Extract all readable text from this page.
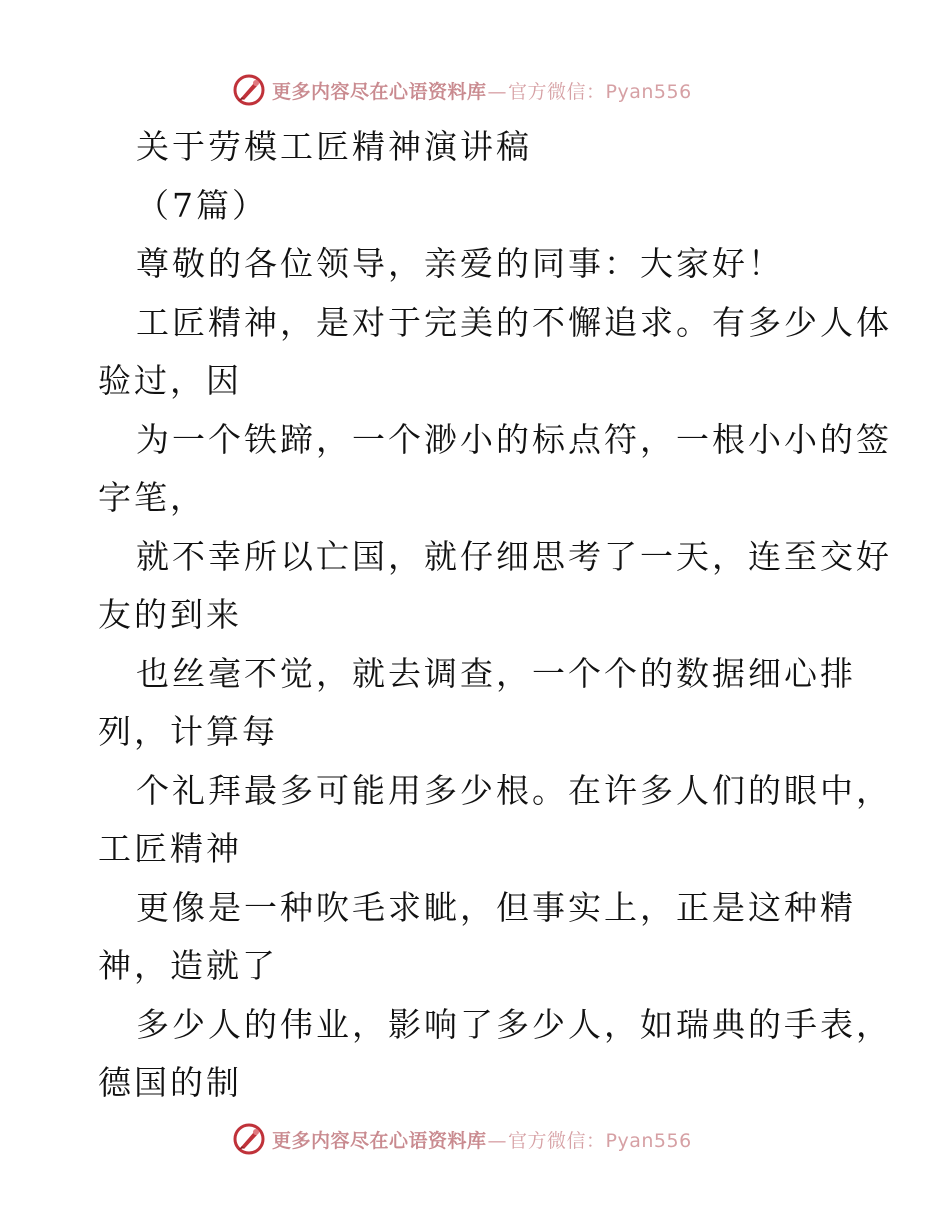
更多内容尽在心语资料库—官方微信：Pyan556
关于劳模工匠精神演讲稿
（7篇）
尊敬的各位领导，亲爱的同事：大家好！
工匠精神，是对于完美的不懈追求。有多少人体
验过，因
为一个铁蹄，一个渺小的标点符，一根小小的签
字笔，
就不幸所以亡国，就仔细思考了一天，连至交好
友的到来
也丝毫不觉，就去调查，一个个的数据细心排
列，计算每
个礼拜最多可能用多少根。在许多人们的眼中，
工匠精神
更像是一种吹毛求眦，但事实上，正是这种精
神，造就了
多少人的伟业，影响了多少人，如瑞典的手表，
德国的制
更多内容尽在心语资料库—官方微信：Pyan556
